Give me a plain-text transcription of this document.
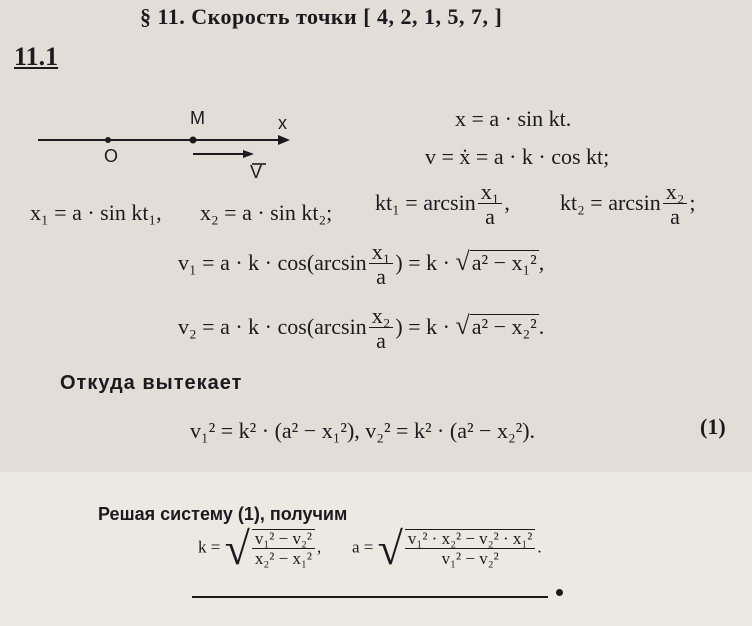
§ 11. Скорость точки [ 4, 2, 1, 5, 7, ]
11.1
M	x
O
V
x = a · sin kt.
v = ẋ = a · k · cos kt;
x₁ = a · sin kt₁, x₂ = a · sin kt₂; $kt_1 = \arcsin \frac{\text{x₁}}{a}$ , $kt_2 = \arcsin \frac{\text{x₂}}{a}$ ;
$v_1 = a \cdot k \cdot \cos(\arcsin \frac{\text{x₁}}{a}$ ) = k · √a² − x₁²,
$v_2 = a \cdot k \cdot \cos(\arcsin \frac{\text{x₂}}{a}$ ) = k · √a² − x₂².
Откуда вытекает
v₁² = k² · (a² − x₁²), v₂² = k² · (a² − x₂²).	(1)
Решая систему (1), получим
k = √ $\frac{\text{v₁² − v₂²}}{\text{x₂² − x₁²}}$ , a = √ $\frac{\text{v₁² · x₂² − v₂² · x₁²}}{\text{v₁² − v₂²}}$ .
